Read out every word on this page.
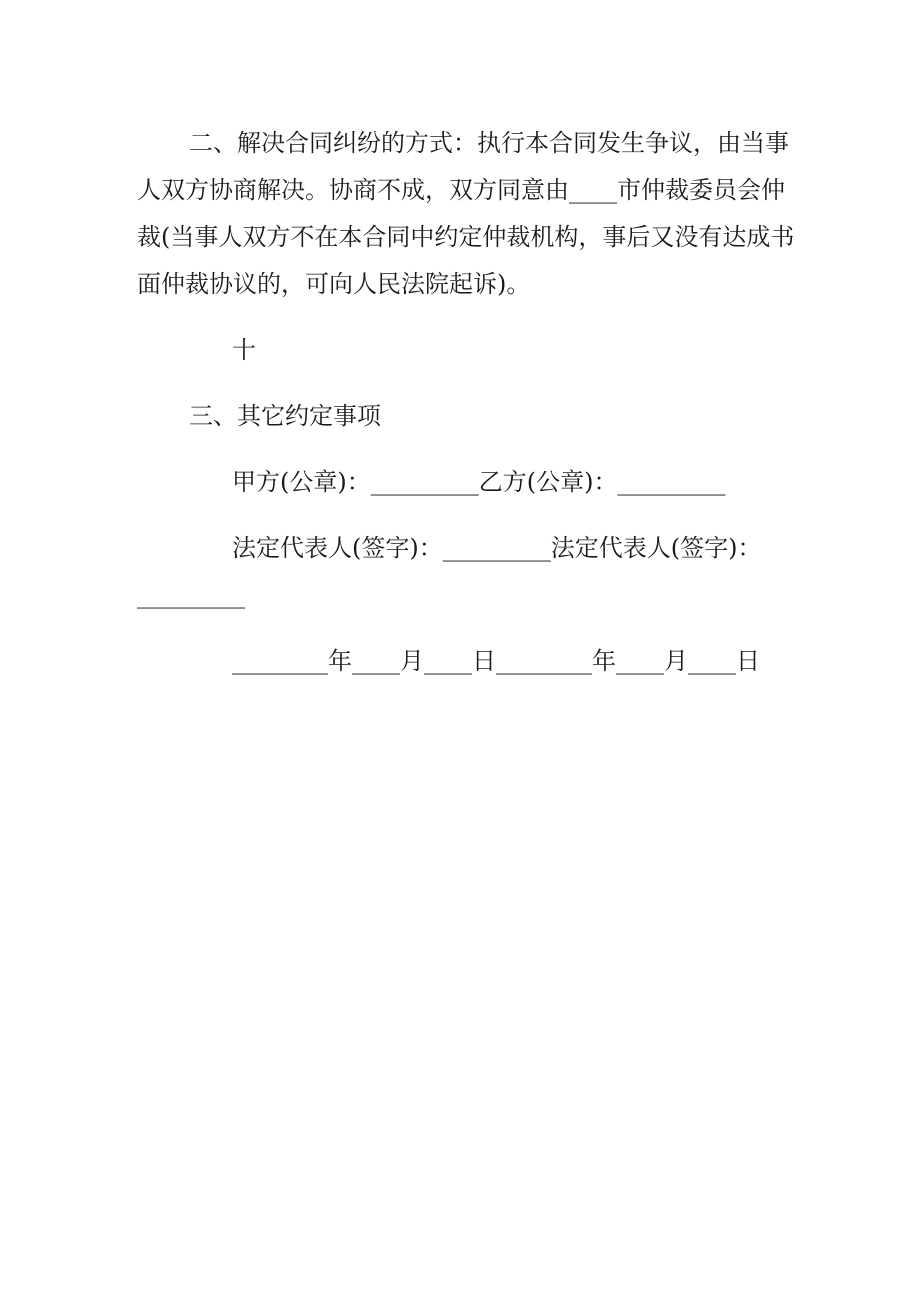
二、解决合同纠纷的方式：执行本合同发生争议，由当事
人双方协商解决。协商不成，双方同意由____市仲裁委员会仲
裁(当事人双方不在本合同中约定仲裁机构，事后又没有达成书
面仲裁协议的，可向人民法院起诉)。
十
三、其它约定事项
甲方(公章)：_________乙方(公章)：_________
法定代表人(签字)：_________法定代表人(签字)：
_________
________年____月____日________年____月____日
